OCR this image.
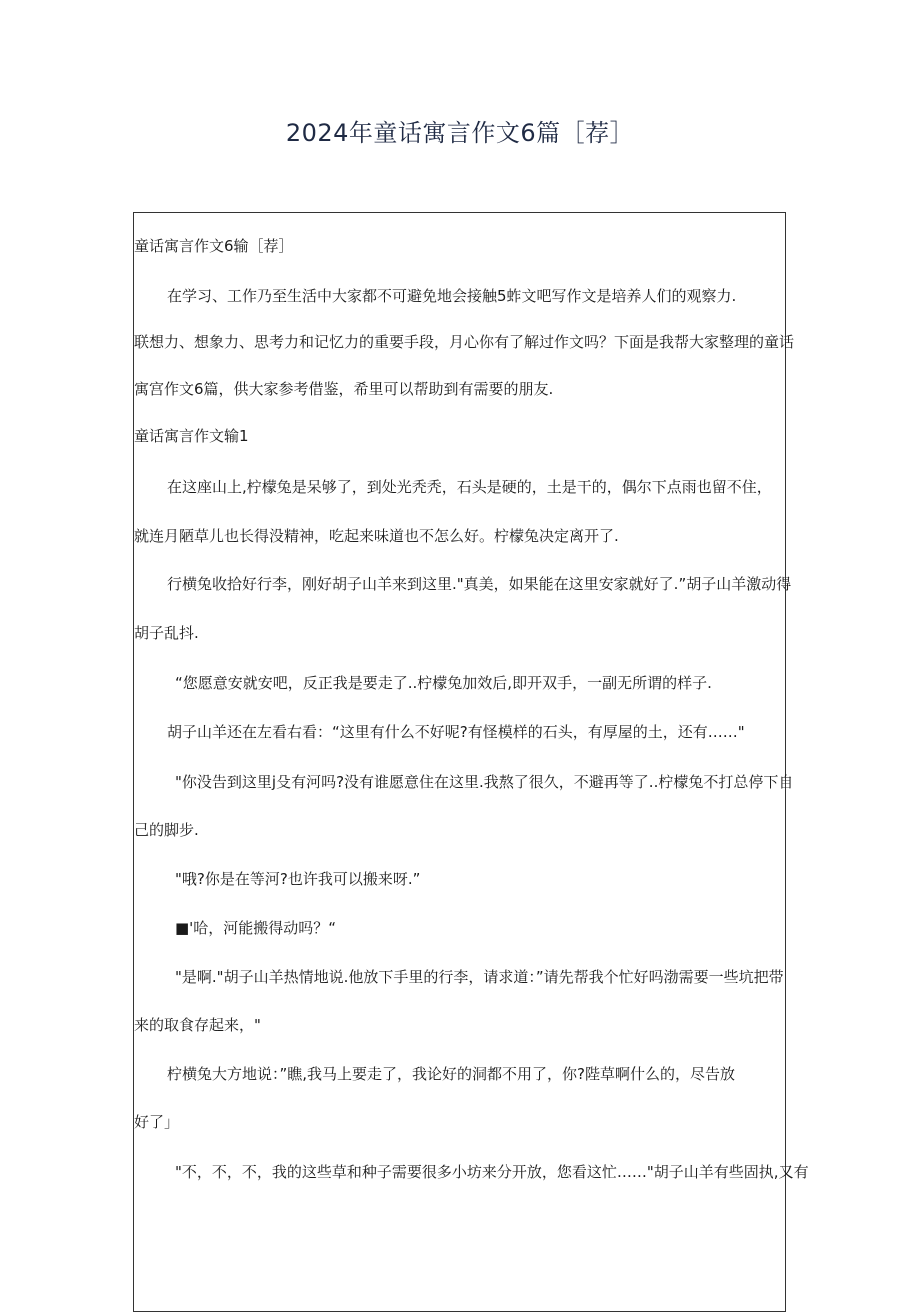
2024年童话寓言作文6篇［荐］
童话寓言作文6输［荐］
在学习、工作乃至生活中大家都不可避免地会接触5蚱文吧写作文是培养人们的观察力.
联想力、想象力、思考力和记忆力的重要手段，月心你有了解过作文吗？下面是我帮大家整理的童话
寓宫作文6篇，供大家参考借鉴，希里可以帮助到有需要的朋友.
童话寓言作文输1
在这座山上,柠檬兔是呆够了，到处光秃秃，石头是硬的，土是干的，偶尔下点雨也留不住，
就连月陋草儿也长得没精神，吃起来味道也不怎么好。柠檬兔决定离开了.
行横兔收拾好行李，刚好胡子山羊来到这里."真美，如果能在这里安家就好了.”胡子山羊激动得
胡子乱抖.
“您愿意安就安吧，反正我是要走了..柠檬兔加效后,即开双手，一副无所谓的样子.
胡子山羊还在左看右看：“这里有什么不好呢?有怪模样的石头，有厚屋的土，还有……"
"你没告到这里j殳有河吗?没有谁愿意住在这里.我熬了很久，不避再等了..柠檬兔不打总停下自
己的脚步.
"哦?你是在等河?也许我可以搬来呀.”
■'哈，河能搬得动吗？“
"是啊."胡子山羊热情地说.他放下手里的行李，请求道：”请先帮我个忙好吗渤需要一些坑把带
来的取食存起来，"
柠横兔大方地说：”瞧,我马上要走了，我论好的洞都不用了，你?陛草啊什么的，尽告放
好了」
"不，不，不，我的这些草和种子需要很多小坊来分开放，您看这忙……"胡子山羊有些固执,又有
